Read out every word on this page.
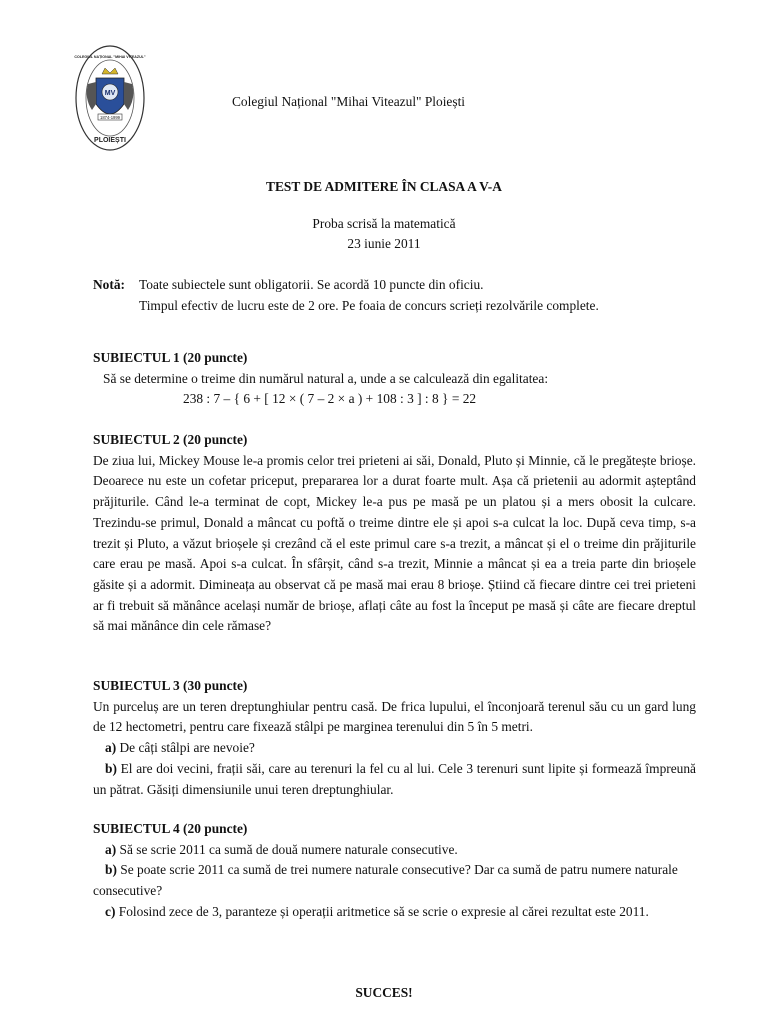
MV
1874-1999
PLOIEȘTI
COLEGIUL NAȚIONAL "MIHAI VITEAZUL"
Colegiul Național "Mihai Viteazul" Ploiești
TEST DE ADMITERE ÎN CLASA A V-A
Proba scrisă la matematică
23 iunie 2011
Notă: Toate subiectele sunt obligatorii. Se acordă 10 puncte din oficiu.
Timpul efectiv de lucru este de 2 ore. Pe foaia de concurs scrieți rezolvările complete.
SUBIECTUL 1 (20 puncte)

Să se determine o treime din numărul natural a, unde a se calculează din egalitatea:

238 : 7 – { 6 + [ 12 × ( 7 – 2 × a ) + 108 : 3 ] : 8 } = 22

SUBIECTUL 2 (20 puncte)

De ziua lui, Mickey Mouse le-a promis celor trei prieteni ai săi, Donald, Pluto și Minnie, că le pregătește brioșe. Deoarece nu este un cofetar priceput, prepararea lor a durat foarte mult. Așa că prietenii au adormit așteptând prăjiturile. Când le-a terminat de copt, Mickey le-a pus pe masă pe un platou și a mers obosit la culcare. Trezindu-se primul, Donald a mâncat cu poftă o treime dintre ele și apoi s-a culcat la loc. După ceva timp, s-a trezit și Pluto, a văzut brioșele și crezând că el este primul care s-a trezit, a mâncat și el o treime din prăjiturile care erau pe masă. Apoi s-a culcat. În sfârșit, când s-a trezit, Minnie a mâncat și ea a treia parte din brioșele găsite și a adormit. Dimineața au observat că pe masă mai erau 8 brioșe. Știind că fiecare dintre cei trei prieteni ar fi trebuit să mănânce același număr de brioșe, aflați câte au fost la început pe masă și câte are fiecare dreptul să mai mănânce din cele rămase?

SUBIECTUL 3 (30 puncte)

Un purceluș are un teren dreptunghiular pentru casă. De frica lupului, el înconjoară terenul său cu un gard lung de 12 hectometri, pentru care fixează stâlpi pe marginea terenului din 5 în 5 metri.

a) De câți stâlpi are nevoie?

b) El are doi vecini, frații săi, care au terenuri la fel cu al lui. Cele 3 terenuri sunt lipite și formează împreună un pătrat. Găsiți dimensiunile unui teren dreptunghiular.

SUBIECTUL 4 (20 puncte)

a) Să se scrie 2011 ca sumă de două numere naturale consecutive.

b) Se poate scrie 2011 ca sumă de trei numere naturale consecutive? Dar ca sumă de patru numere naturale consecutive?

c) Folosind zece de 3, paranteze și operații aritmetice să se scrie o expresie al cărei rezultat este 2011.

SUCCES!
